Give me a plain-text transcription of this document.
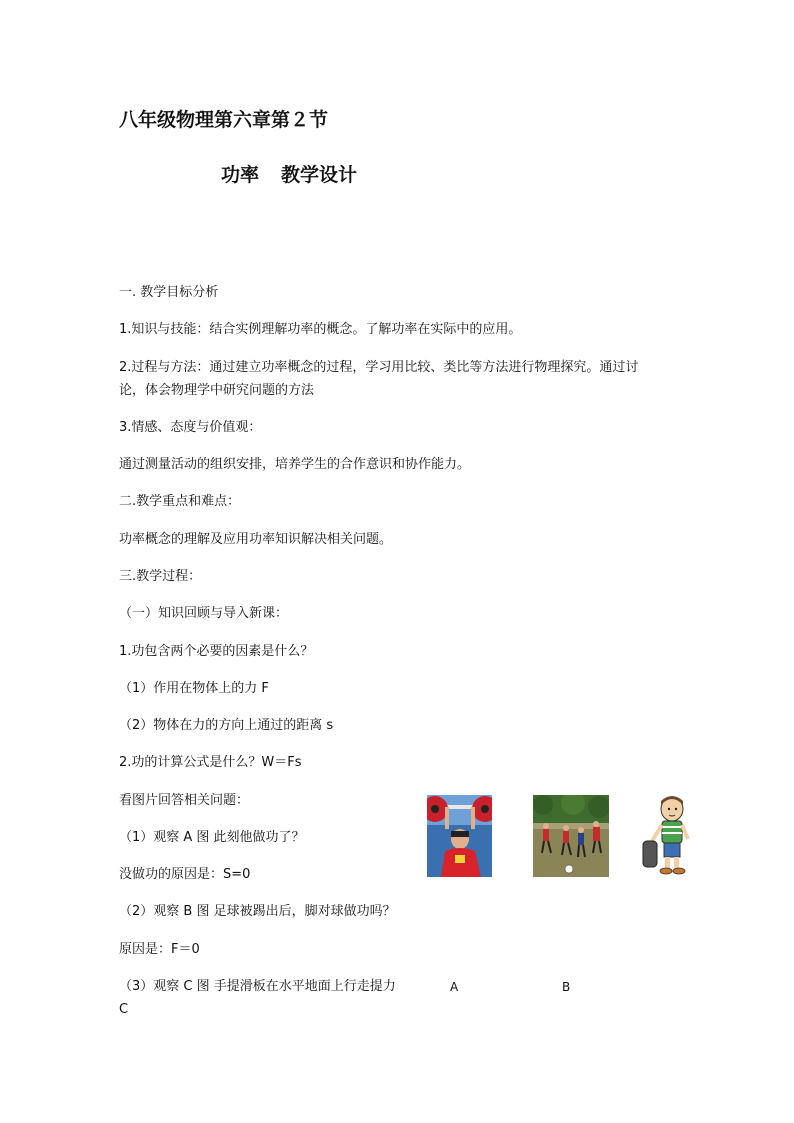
八年级物理第六章第２节
功率 教学设计
一. 教学目标分析
1.知识与技能：结合实例理解功率的概念。了解功率在实际中的应用。
2.过程与方法：通过建立功率概念的过程，学习用比较、类比等方法进行物理探究。通过讨
论，体会物理学中研究问题的方法
3.情感、态度与价值观：
通过测量活动的组织安排，培养学生的合作意识和协作能力。
二.教学重点和难点：
功率概念的理解及应用功率知识解决相关问题。
三.教学过程：
（一）知识回顾与导入新课：
1.功包含两个必要的因素是什么？
（1）作用在物体上的力 F
（2）物体在力的方向上通过的距离 s
2.功的计算公式是什么？W＝Fs
看图片回答相关问题：
（1）观察 A 图 此刻他做功了？
没做功的原因是：S=0
（2）观察 B 图 足球被踢出后，脚对球做功吗？
原因是：F＝0
（3）观察 C 图 手提滑板在水平地面上行走提力	A	B
C
